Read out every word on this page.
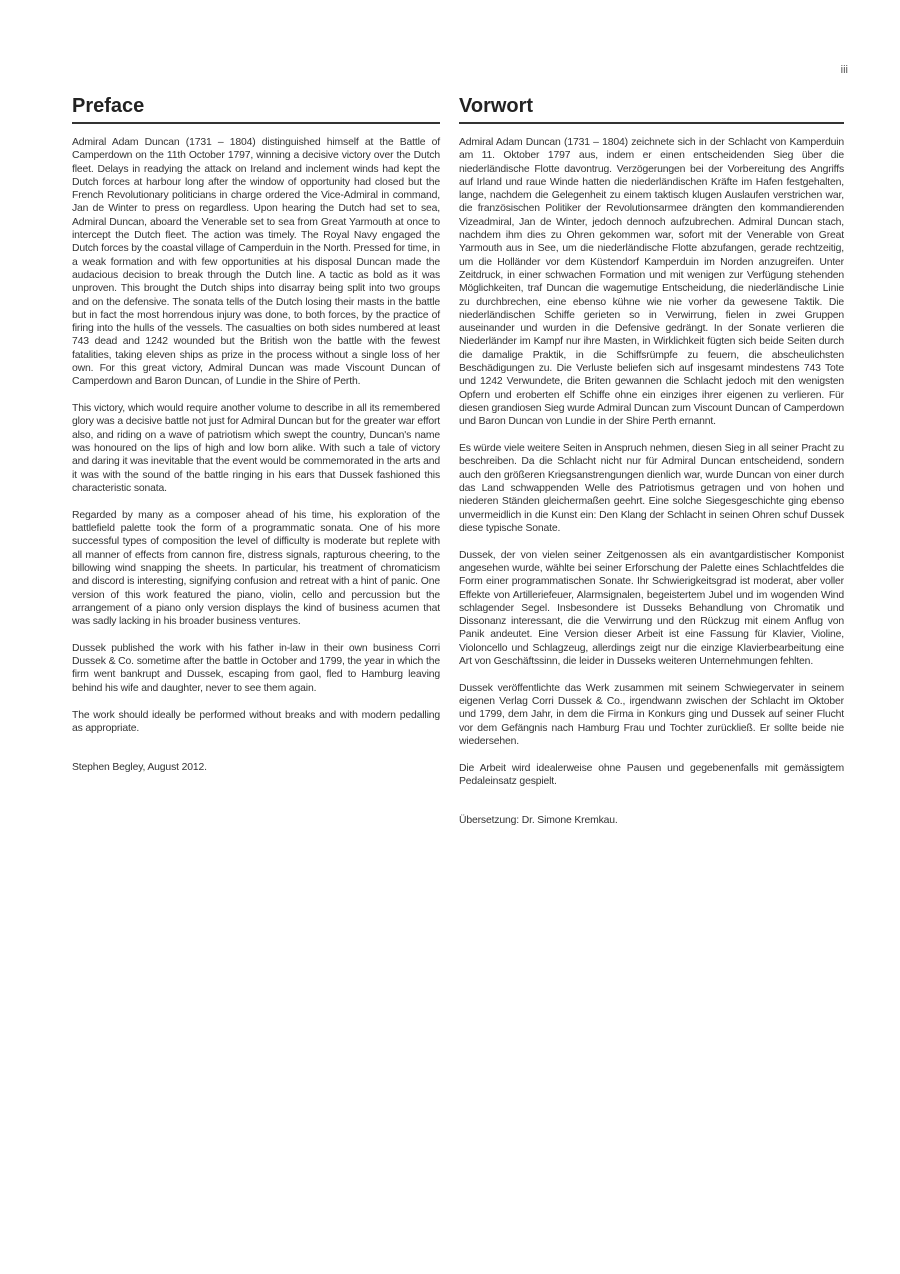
iii
Preface

Admiral Adam Duncan (1731 – 1804) distinguished himself at the Battle of Camperdown on the 11th October 1797, winning a decisive victory over the Dutch fleet. Delays in readying the attack on Ireland and inclement winds had kept the Dutch forces at harbour long after the window of opportunity had closed but the French Revolutionary politicians in charge ordered the Vice-Admiral in command, Jan de Winter to press on regardless. Upon hearing the Dutch had set to sea, Admiral Duncan, aboard the Venerable set to sea from Great Yarmouth at once to intercept the Dutch fleet. The action was timely. The Royal Navy engaged the Dutch forces by the coastal village of Camperduin in the North. Pressed for time, in a weak formation and with few opportunities at his disposal Duncan made the audacious decision to break through the Dutch line. A tactic as bold as it was unproven. This brought the Dutch ships into disarray being split into two groups and on the defensive. The sonata tells of the Dutch losing their masts in the battle but in fact the most horrendous injury was done, to both forces, by the practice of firing into the hulls of the vessels. The casualties on both sides numbered at least 743 dead and 1242 wounded but the British won the battle with the fewest fatalities, taking eleven ships as prize in the process without a single loss of her own. For this great victory, Admiral Duncan was made Viscount Duncan of Camperdown and Baron Duncan, of Lundie in the Shire of Perth.

This victory, which would require another volume to describe in all its remembered glory was a decisive battle not just for Admiral Duncan but for the greater war effort also, and riding on a wave of patriotism which swept the country, Duncan's name was honoured on the lips of high and low born alike. With such a tale of victory and daring it was inevitable that the event would be commemorated in the arts and it was with the sound of the battle ringing in his ears that Dussek fashioned this characteristic sonata.

Regarded by many as a composer ahead of his time, his exploration of the battlefield palette took the form of a programmatic sonata. One of his more successful types of composition the level of difficulty is moderate but replete with all manner of effects from cannon fire, distress signals, rapturous cheering, to the billowing wind snapping the sheets. In particular, his treatment of chromaticism and discord is interesting, signifying confusion and retreat with a hint of panic. One version of this work featured the piano, violin, cello and percussion but the arrangement of a piano only version displays the kind of business acumen that was sadly lacking in his broader business ventures.

Dussek published the work with his father in-law in their own business Corri Dussek & Co. sometime after the battle in October and 1799, the year in which the firm went bankrupt and Dussek, escaping from gaol, fled to Hamburg leaving behind his wife and daughter, never to see them again.

The work should ideally be performed without breaks and with modern pedalling as appropriate.

Stephen Begley, August 2012.

Vorwort

Admiral Adam Duncan (1731 – 1804) zeichnete sich in der Schlacht von Kamperduin am 11. Oktober 1797 aus, indem er einen entscheidenden Sieg über die niederländische Flotte davontrug. Verzögerungen bei der Vorbereitung des Angriffs auf Irland und raue Winde hatten die niederländischen Kräfte im Hafen festgehalten, lange, nachdem die Gelegenheit zu einem taktisch klugen Auslaufen verstrichen war, die französischen Politiker der Revolutionsarmee drängten den kommandierenden Vizeadmiral, Jan de Winter, jedoch dennoch aufzubrechen. Admiral Duncan stach, nachdem ihm dies zu Ohren gekommen war, sofort mit der Venerable von Great Yarmouth aus in See, um die niederländische Flotte abzufangen, gerade rechtzeitig, um die Holländer vor dem Küstendorf Kamperduin im Norden anzugreifen. Unter Zeitdruck, in einer schwachen Formation und mit wenigen zur Verfügung stehenden Möglichkeiten, traf Duncan die wagemutige Entscheidung, die niederländische Linie zu durchbrechen, eine ebenso kühne wie nie vorher da gewesene Taktik. Die niederländischen Schiffe gerieten so in Verwirrung, fielen in zwei Gruppen auseinander und wurden in die Defensive gedrängt. In der Sonate verlieren die Niederländer im Kampf nur ihre Masten, in Wirklichkeit fügten sich beide Seiten durch die damalige Praktik, in die Schiffsrümpfe zu feuern, die abscheulichsten Beschädigungen zu. Die Verluste beliefen sich auf insgesamt mindestens 743 Tote und 1242 Verwundete, die Briten gewannen die Schlacht jedoch mit den wenigsten Opfern und eroberten elf Schiffe ohne ein einziges ihrer eigenen zu verlieren. Für diesen grandiosen Sieg wurde Admiral Duncan zum Viscount Duncan of Camperdown und Baron Duncan von Lundie in der Shire Perth ernannt.

Es würde viele weitere Seiten in Anspruch nehmen, diesen Sieg in all seiner Pracht zu beschreiben. Da die Schlacht nicht nur für Admiral Duncan entscheidend, sondern auch den größeren Kriegsanstrengungen dienlich war, wurde Duncan von einer durch das Land schwappenden Welle des Patriotismus getragen und von hohen und niederen Ständen gleichermaßen geehrt. Eine solche Siegesgeschichte ging ebenso unvermeidlich in die Kunst ein: Den Klang der Schlacht in seinen Ohren schuf Dussek diese typische Sonate.

Dussek, der von vielen seiner Zeitgenossen als ein avantgardistischer Komponist angesehen wurde, wählte bei seiner Erforschung der Palette eines Schlachtfeldes die Form einer programmatischen Sonate. Ihr Schwierigkeitsgrad ist moderat, aber voller Effekte von Artilleriefeuer, Alarmsignalen, begeistertem Jubel und im wogenden Wind schlagender Segel. Insbesondere ist Dusseks Behandlung von Chromatik und Dissonanz interessant, die die Verwirrung und den Rückzug mit einem Anflug von Panik andeutet. Eine Version dieser Arbeit ist eine Fassung für Klavier, Violine, Violoncello und Schlagzeug, allerdings zeigt nur die einzige Klavierbearbeitung eine Art von Geschäftssinn, die leider in Dusseks weiteren Unternehmungen fehlten.

Dussek veröffentlichte das Werk zusammen mit seinem Schwiegervater in seinem eigenen Verlag Corri Dussek & Co., irgendwann zwischen der Schlacht im Oktober und 1799, dem Jahr, in dem die Firma in Konkurs ging und Dussek auf seiner Flucht vor dem Gefängnis nach Hamburg Frau und Tochter zurückließ. Er sollte beide nie wiedersehen.

Die Arbeit wird idealerweise ohne Pausen und gegebenenfalls mit gemässigtem Pedaleinsatz gespielt.

Übersetzung: Dr. Simone Kremkau.
